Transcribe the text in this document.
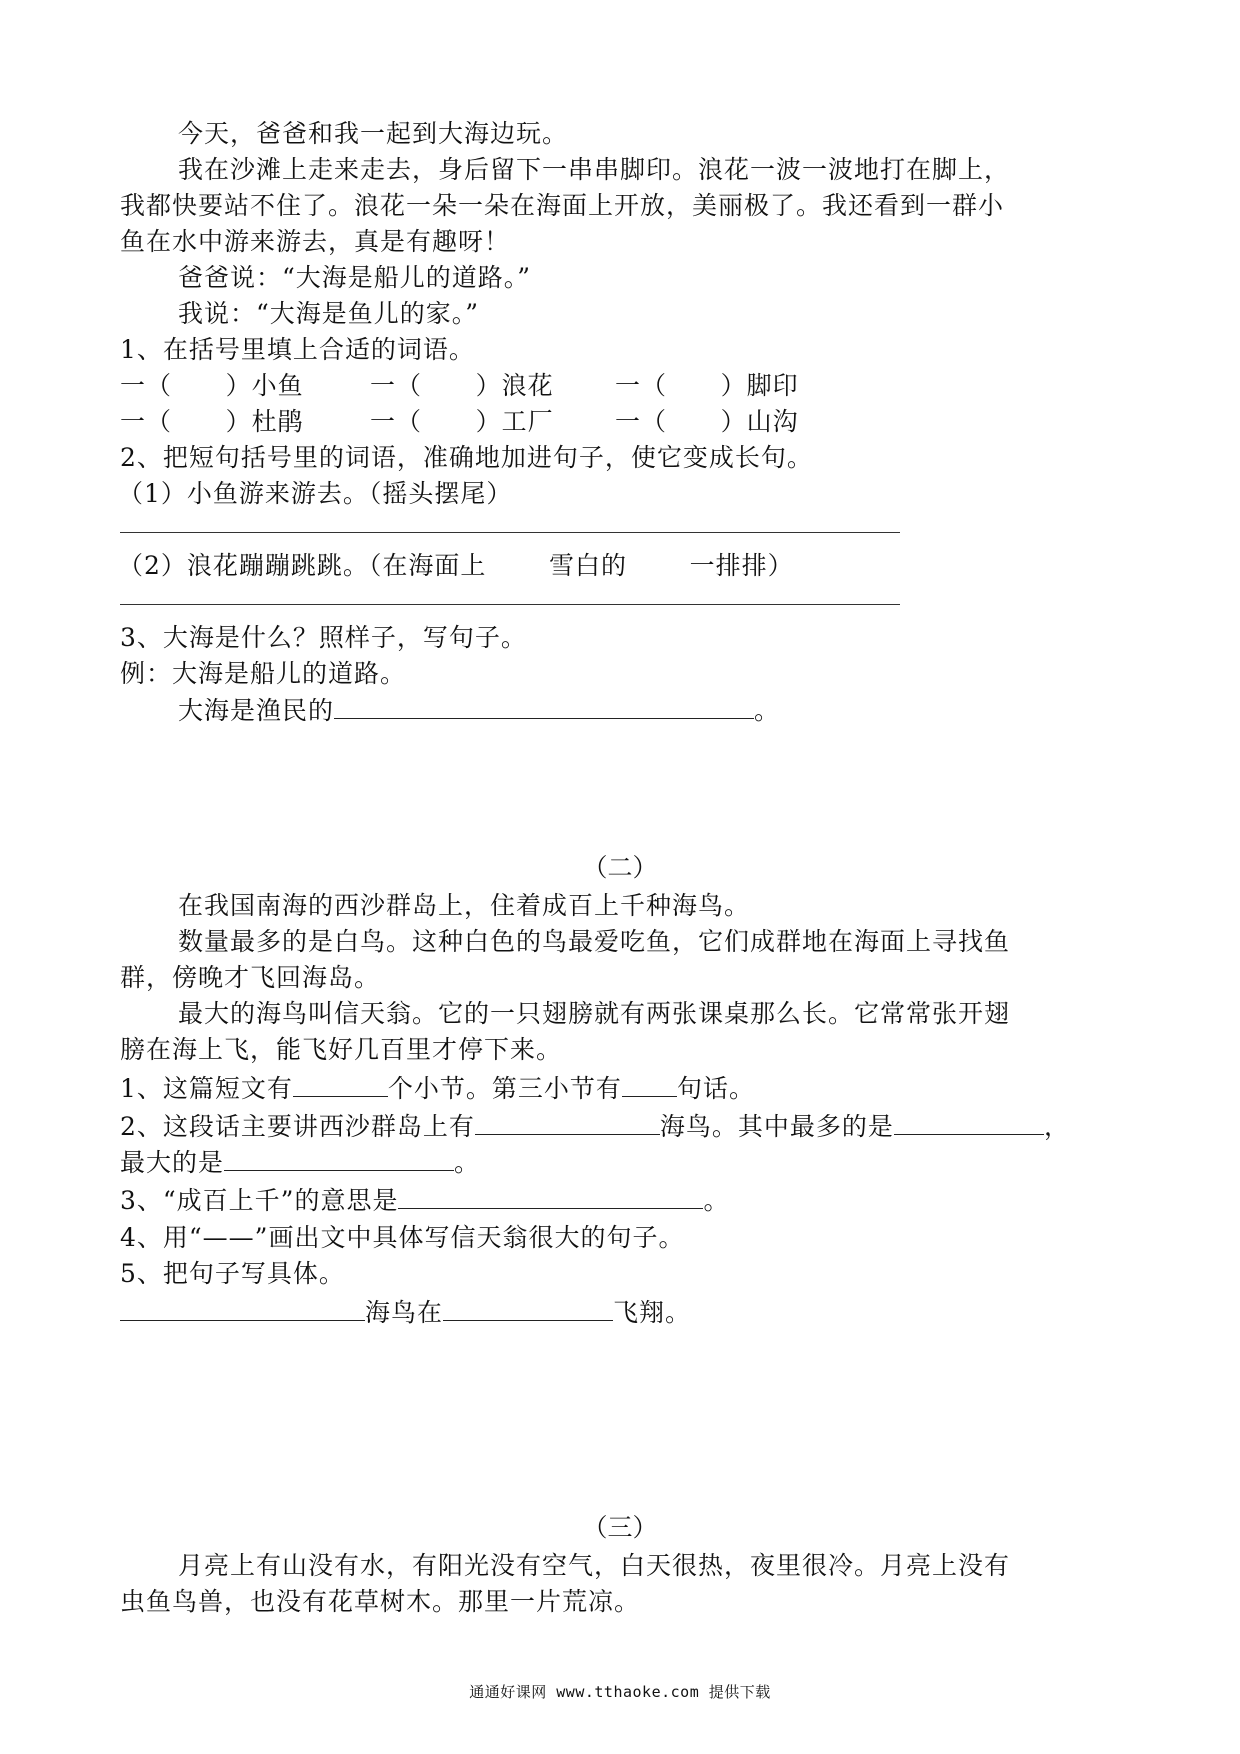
今天，爸爸和我一起到大海边玩。
我在沙滩上走来走去，身后留下一串串脚印。浪花一波一波地打在脚上，
我都快要站不住了。浪花一朵一朵在海面上开放，美丽极了。我还看到一群小
鱼在水中游来游去，真是有趣呀！
爸爸说：“大海是船儿的道路。”
我说：“大海是鱼儿的家。”
1、在括号里填上合适的词语。
一（      ）小鱼	一（      ）浪花 一（      ）脚印
一（      ）杜鹃	一（      ）工厂 一（      ）山沟
2、把短句括号里的词语，准确地加进句子，使它变成长句。
（1）小鱼游来游去。（摇头摆尾）
（2）浪花蹦蹦跳跳。（在海面上       雪白的       一排排）
3、大海是什么？照样子，写句子。
例：大海是船儿的道路。
大海是渔民的	。
（二）
在我国南海的西沙群岛上，住着成百上千种海鸟。
数量最多的是白鸟。这种白色的鸟最爱吃鱼，它们成群地在海面上寻找鱼
群，傍晚才飞回海岛。
最大的海鸟叫信天翁。它的一只翅膀就有两张课桌那么长。它常常张开翅
膀在海上飞，能飞好几百里才停下来。
1、这篇短文有	个小节。第三小节有 句话。
2、这段话主要讲西沙群岛上有	海鸟。其中最多的是	，
最大的是	。
3、“成百上千”的意思是	。
4、用“——”画出文中具体写信天翁很大的句子。
5、把句子写具体。
海鸟在	飞翔。
（三）
月亮上有山没有水，有阳光没有空气，白天很热，夜里很冷。月亮上没有
虫鱼鸟兽，也没有花草树木。那里一片荒凉。
通通好课网 www.tthaoke.com 提供下载
